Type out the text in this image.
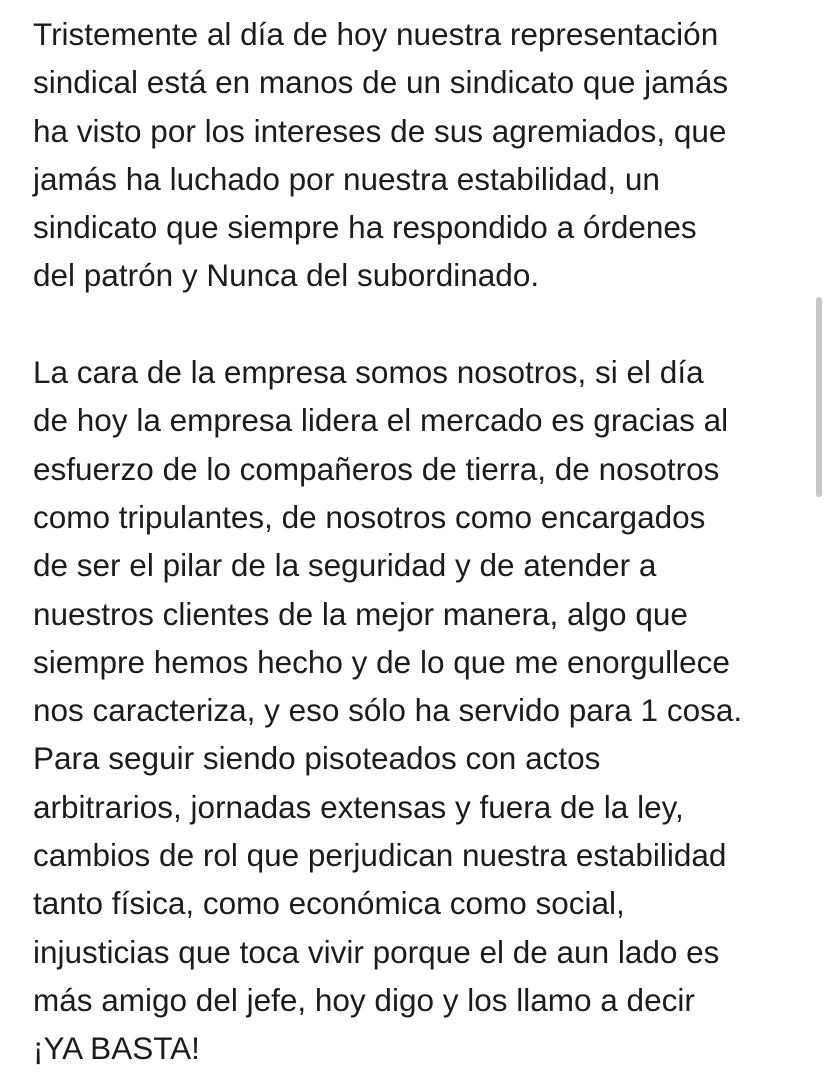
Tristemente al día de hoy nuestra representación
sindical está en manos de un sindicato que jamás
ha visto por los intereses de sus agremiados, que
jamás ha luchado por nuestra estabilidad, un
sindicato que siempre ha respondido a órdenes
del patrón y Nunca del subordinado.
La cara de la empresa somos nosotros, si el día
de hoy la empresa lidera el mercado es gracias al
esfuerzo de lo compañeros de tierra, de nosotros
como tripulantes, de nosotros como encargados
de ser el pilar de la seguridad y de atender a
nuestros clientes de la mejor manera, algo que
siempre hemos hecho y de lo que me enorgullece
nos caracteriza, y eso sólo ha servido para 1 cosa.
Para seguir siendo pisoteados con actos
arbitrarios, jornadas extensas y fuera de la ley,
cambios de rol que perjudican nuestra estabilidad
tanto física, como económica como social,
injusticias que toca vivir porque el de aun lado es
más amigo del jefe, hoy digo y los llamo a decir
¡YA BASTA!
